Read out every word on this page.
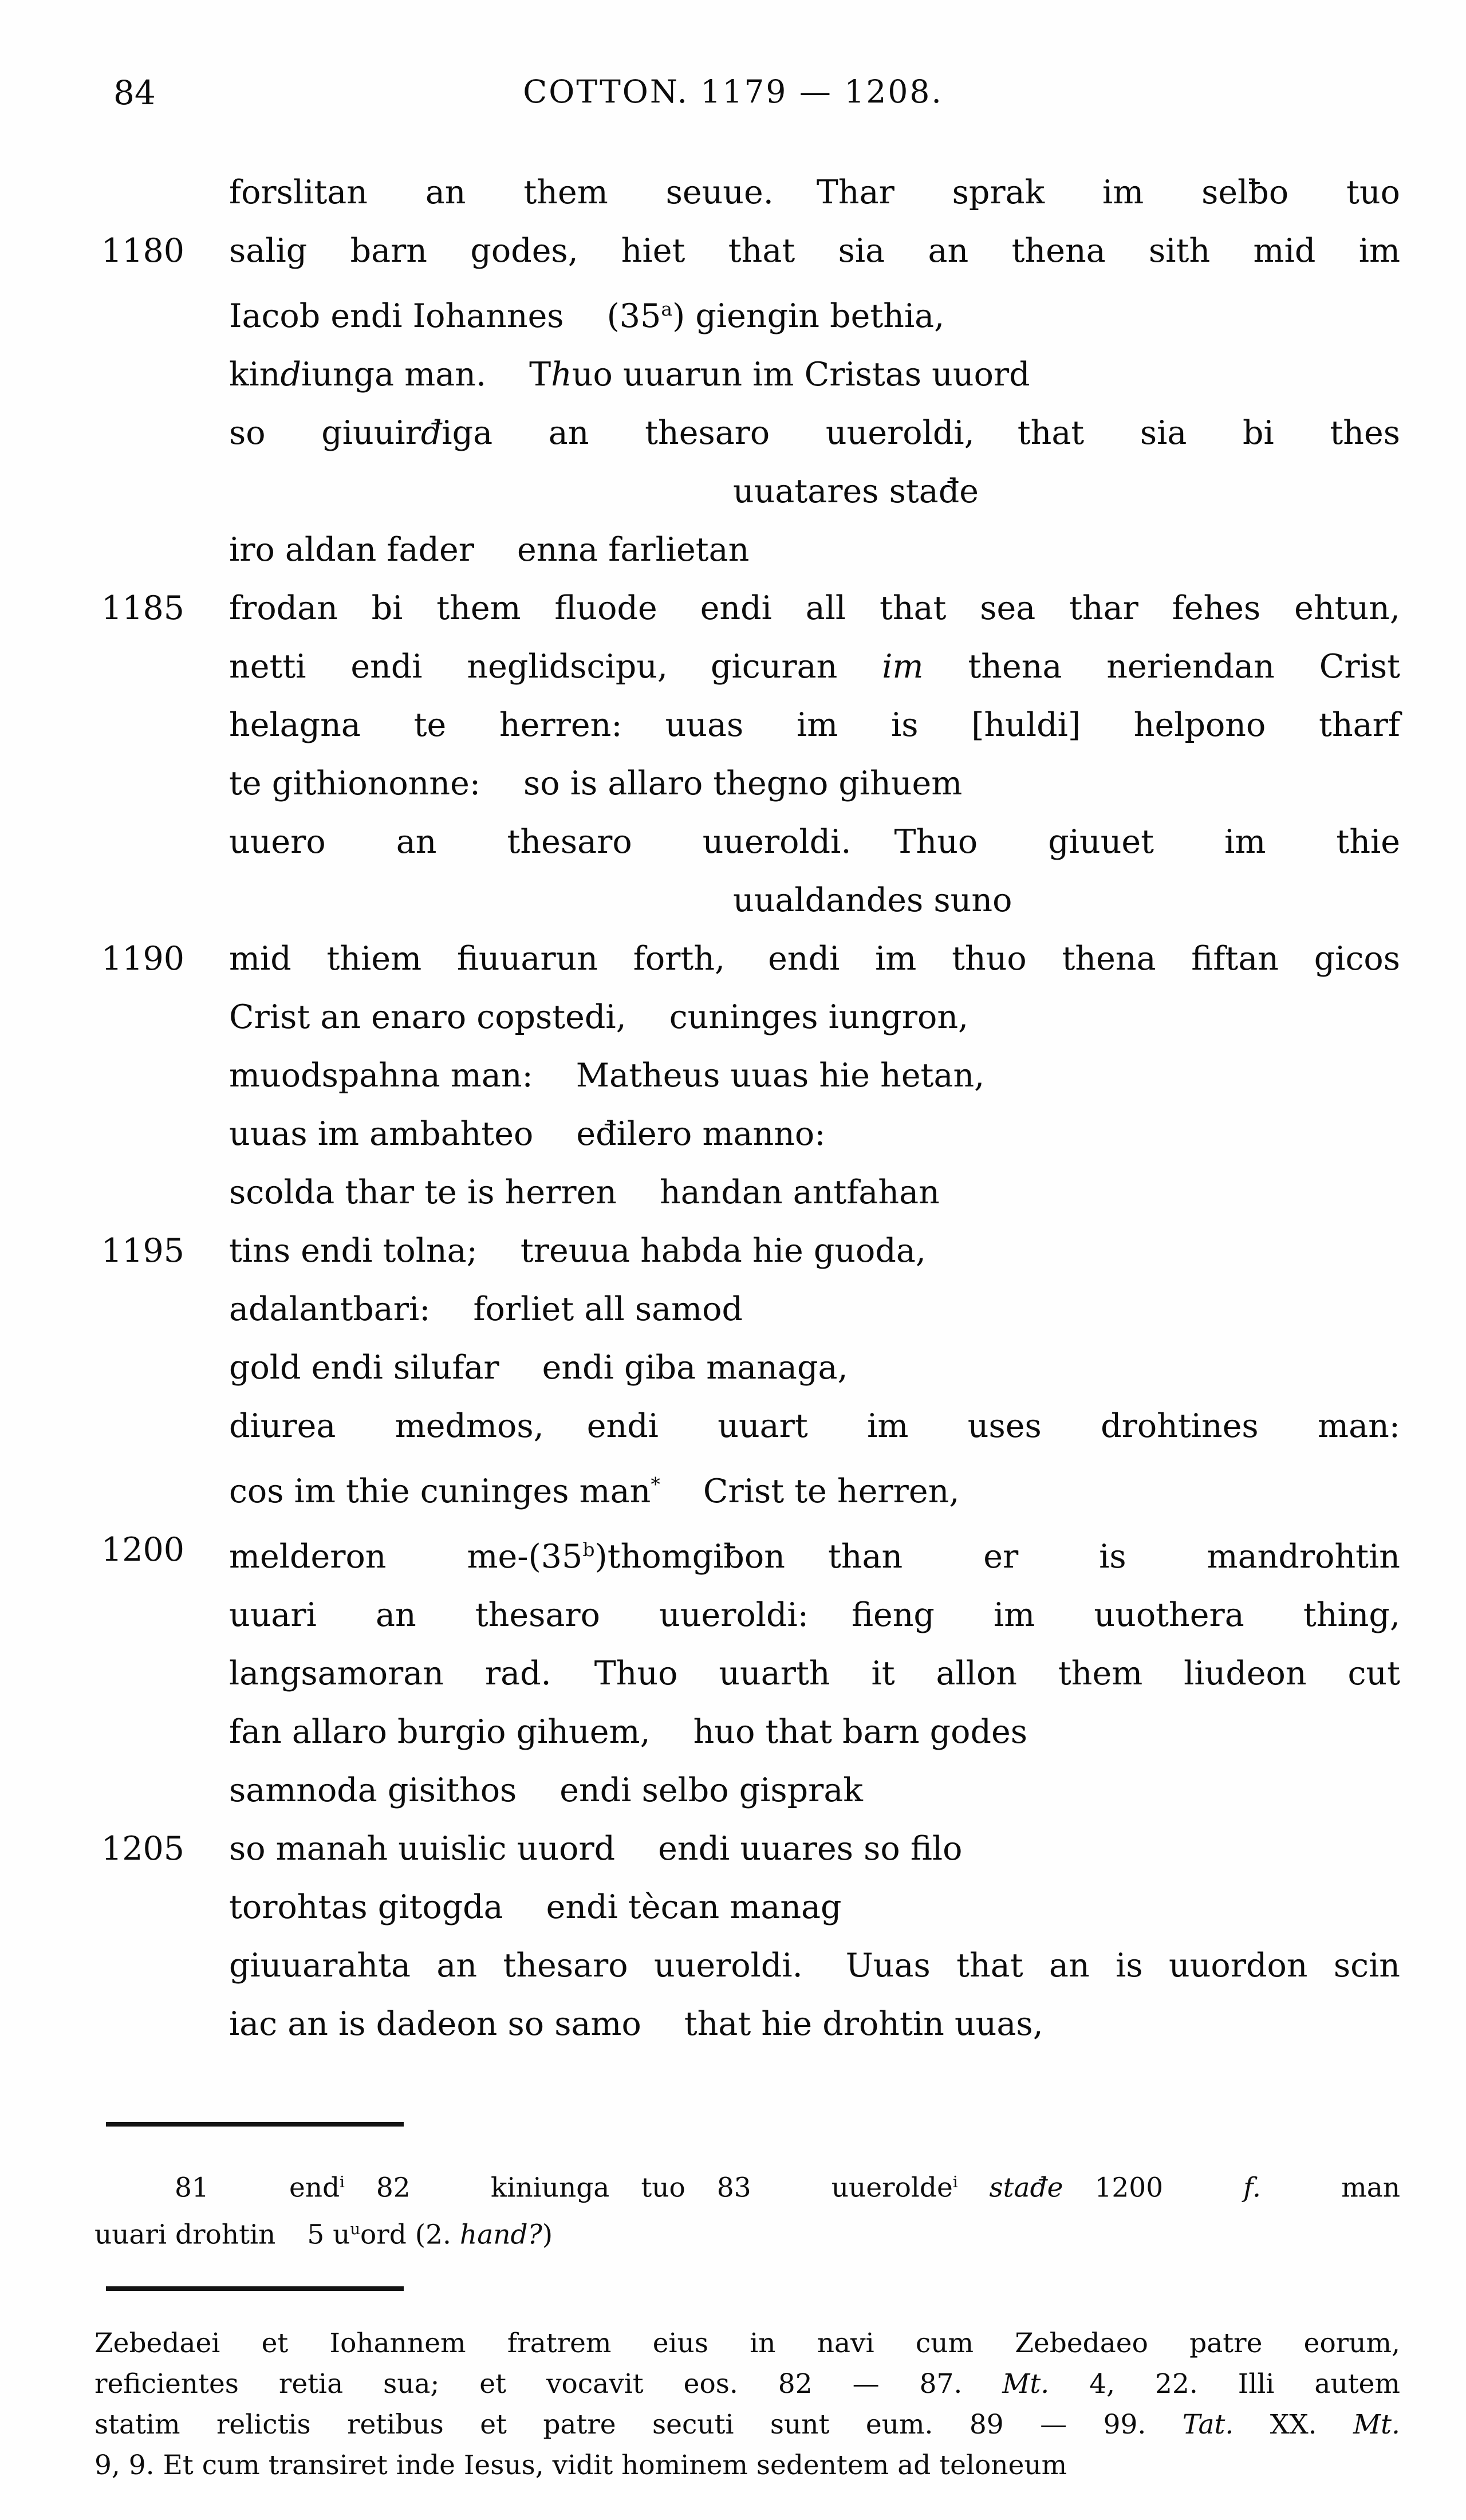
84	COTTON. 1179 — 1208.
forslitan an them seuue. Thar sprak im selƀo tuo
1180 salig barn godes, hiet that sia an thena sith mid im
Iacob endi Iohannes (35$^a$) giengin bethia,
kindiunga man. Thuo uuarun im Cristas uuord
so giuuirđiga an thesaro uueroldi, that sia bi thes
uuatares stađe
iro aldan fader enna farlietan
1185 frodan bi them fluode endi all that sea thar fehes ehtun,
netti endi neglidscipu, gicuran im thena neriendan Crist
helagna te herren: uuas im is [huldi] helpono tharf
te githiononne: so is allaro thegno gihuem
uuero an thesaro uueroldi. Thuo giuuet im thie
uualdandes suno
1190 mid thiem fiuuarun forth, endi im thuo thena fiftan gicos
Crist an enaro copstedi, cuninges iungron,
muodspahna man: Matheus uuas hie hetan,
uuas im ambahteo eđilero manno:
scolda thar te is herren handan antfahan
1195 tins endi tolna; treuua habda hie guoda,
adalantbari: forliet all samod
gold endi silufar endi giba managa,
diurea medmos, endi uuart im uses drohtines man:
cos im thie cuninges man* Crist te herren,
1200 melderon me-(35$^b$)thomgiƀon than er is mandrohtin
uuari an thesaro uueroldi: fieng im uuothera thing,
langsamoran rad. Thuo uuarth it allon them liudeon cut
fan allaro burgio gihuem, huo that barn godes
samnoda gisithos endi selbo gisprak
1205 so manah uuislic uuord endi uuares so filo
torohtas gitogda endi tècan manag
giuuarahta an thesaro uueroldi. Uuas that an is uuordon scin
iac an is dadeon so samo that hie drohtin uuas,
81 end$^i$ 82 kiniunga tuo 83 uuerolde$^i$ stađe 1200 f. man
uuari drohtin 5 $u^uord$ (2. hand?)
Zebedaei et Iohannem fratrem eius in navi cum Zebedaeo patre eorum,
reficientes retia sua; et vocavit eos. 82 — 87. Mt. 4, 22. Illi autem
statim relictis retibus et patre secuti sunt eum. 89 — 99. Tat. XX. Mt.
9, 9. Et cum transiret inde Iesus, vidit hominem sedentem ad teloneum
